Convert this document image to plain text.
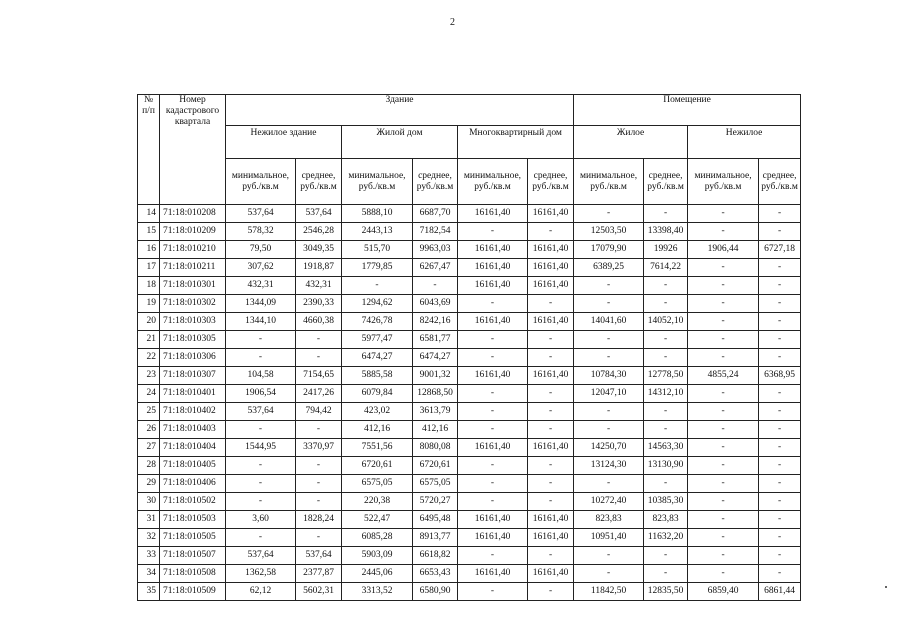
2
№ п/п	Номер кадастрового квартала	Здание						Помещение			
		Нежилое здание		Жилой дом		Многоквартирный дом		Жилое		Нежилое	
		минимальное, руб./кв.м	среднее, руб./кв.м	минимальное, руб./кв.м	среднее, руб./кв.м	минимальное, руб./кв.м	среднее, руб./кв.м	минимальное, руб./кв.м	среднее, руб./кв.м	минимальное, руб./кв.м	среднее, руб./кв.м
14	71:18:010208	537,64	537,64	5888,10	6687,70	16161,40	16161,40	-	-	-	-
15	71:18:010209	578,32	2546,28	2443,13	7182,54	-	-	12503,50	13398,40	-	-
16	71:18:010210	79,50	3049,35	515,70	9963,03	16161,40	16161,40	17079,90	19926	1906,44	6727,18
17	71:18:010211	307,62	1918,87	1779,85	6267,47	16161,40	16161,40	6389,25	7614,22	-	-
18	71:18:010301	432,31	432,31	-	-	16161,40	16161,40	-	-	-	-
19	71:18:010302	1344,09	2390,33	1294,62	6043,69	-	-	-	-	-	-
20	71:18:010303	1344,10	4660,38	7426,78	8242,16	16161,40	16161,40	14041,60	14052,10	-	-
21	71:18:010305	-	-	5977,47	6581,77	-	-	-	-	-	-
22	71:18:010306	-	-	6474,27	6474,27	-	-	-	-	-	-
23	71:18:010307	104,58	7154,65	5885,58	9001,32	16161,40	16161,40	10784,30	12778,50	4855,24	6368,95
24	71:18:010401	1906,54	2417,26	6079,84	12868,50	-	-	12047,10	14312,10	-	-
25	71:18:010402	537,64	794,42	423,02	3613,79	-	-	-	-	-	-
26	71:18:010403	-	-	412,16	412,16	-	-	-	-	-	-
27	71:18:010404	1544,95	3370,97	7551,56	8080,08	16161,40	16161,40	14250,70	14563,30	-	-
28	71:18:010405	-	-	6720,61	6720,61	-	-	13124,30	13130,90	-	-
29	71:18:010406	-	-	6575,05	6575,05	-	-	-	-	-	-
30	71:18:010502	-	-	220,38	5720,27	-	-	10272,40	10385,30	-	-
31	71:18:010503	3,60	1828,24	522,47	6495,48	16161,40	16161,40	823,83	823,83	-	-
32	71:18:010505	-	-	6085,28	8913,77	16161,40	16161,40	10951,40	11632,20	-	-
33	71:18:010507	537,64	537,64	5903,09	6618,82	-	-	-	-	-	-
34	71:18:010508	1362,58	2377,87	2445,06	6653,43	16161,40	16161,40	-	-	-	-
35	71:18:010509	62,12	5602,31	3313,52	6580,90	-	-	11842,50	12835,50	6859,40	6861,44
